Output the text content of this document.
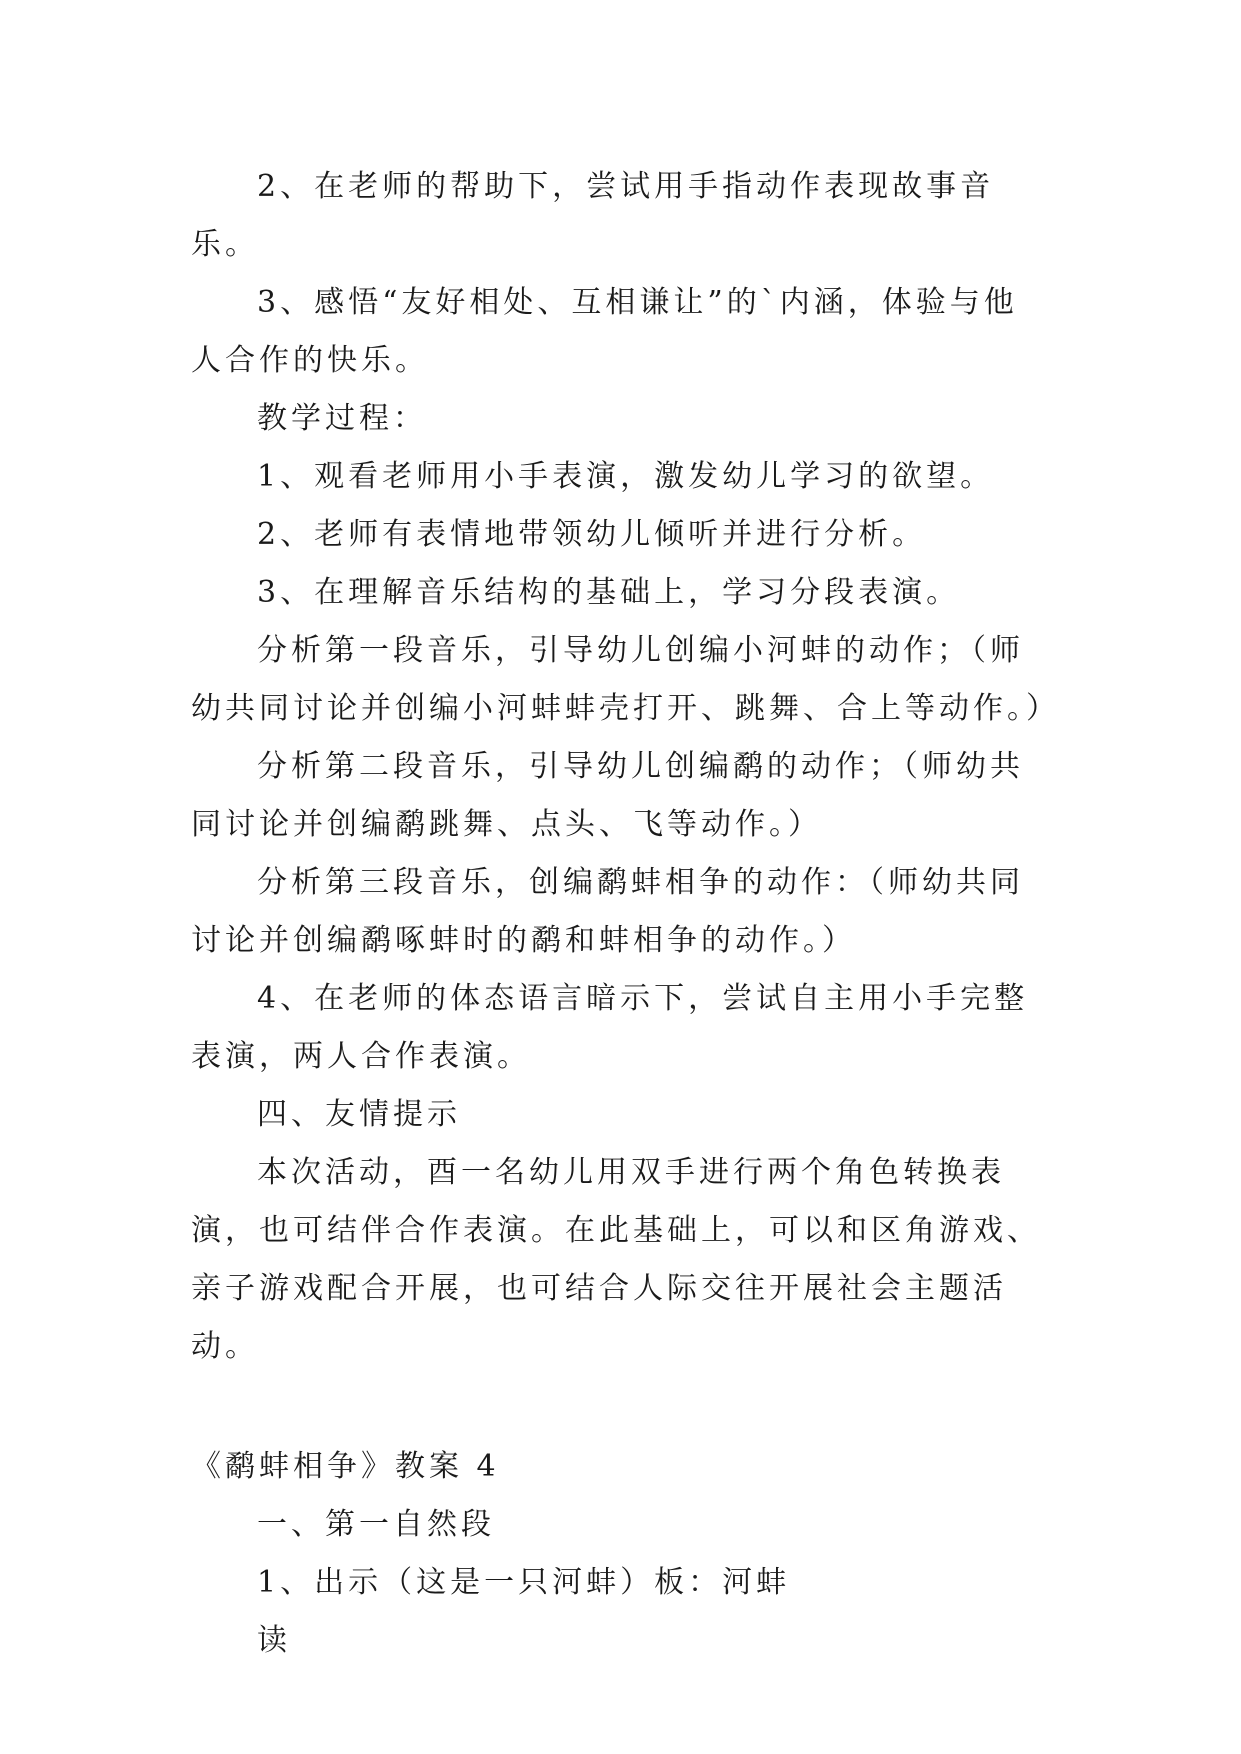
2、在老师的帮助下，尝试用手指动作表现故事音乐。

3、感悟“友好相处、互相谦让”的`内涵，体验与他人合作的快乐。

教学过程：

1、观看老师用小手表演，激发幼儿学习的欲望。

2、老师有表情地带领幼儿倾听并进行分析。

3、在理解音乐结构的基础上，学习分段表演。

分析第一段音乐，引导幼儿创编小河蚌的动作；（师幼共同讨论并创编小河蚌蚌壳打开、跳舞、合上等动作。）

分析第二段音乐，引导幼儿创编鹬的动作；（师幼共同讨论并创编鹬跳舞、点头、飞等动作。）

分析第三段音乐，创编鹬蚌相争的动作：（师幼共同讨论并创编鹬啄蚌时的鹬和蚌相争的动作。）

4、在老师的体态语言暗示下，尝试自主用小手完整表演，两人合作表演。

四、友情提示

本次活动，酉一名幼儿用双手进行两个角色转换表演，也可结伴合作表演。在此基础上，可以和区角游戏、亲子游戏配合开展，也可结合人际交往开展社会主题活动。

《鹬蚌相争》教案 4

一、第一自然段

1、出示（这是一只河蚌）板：河蚌

读
